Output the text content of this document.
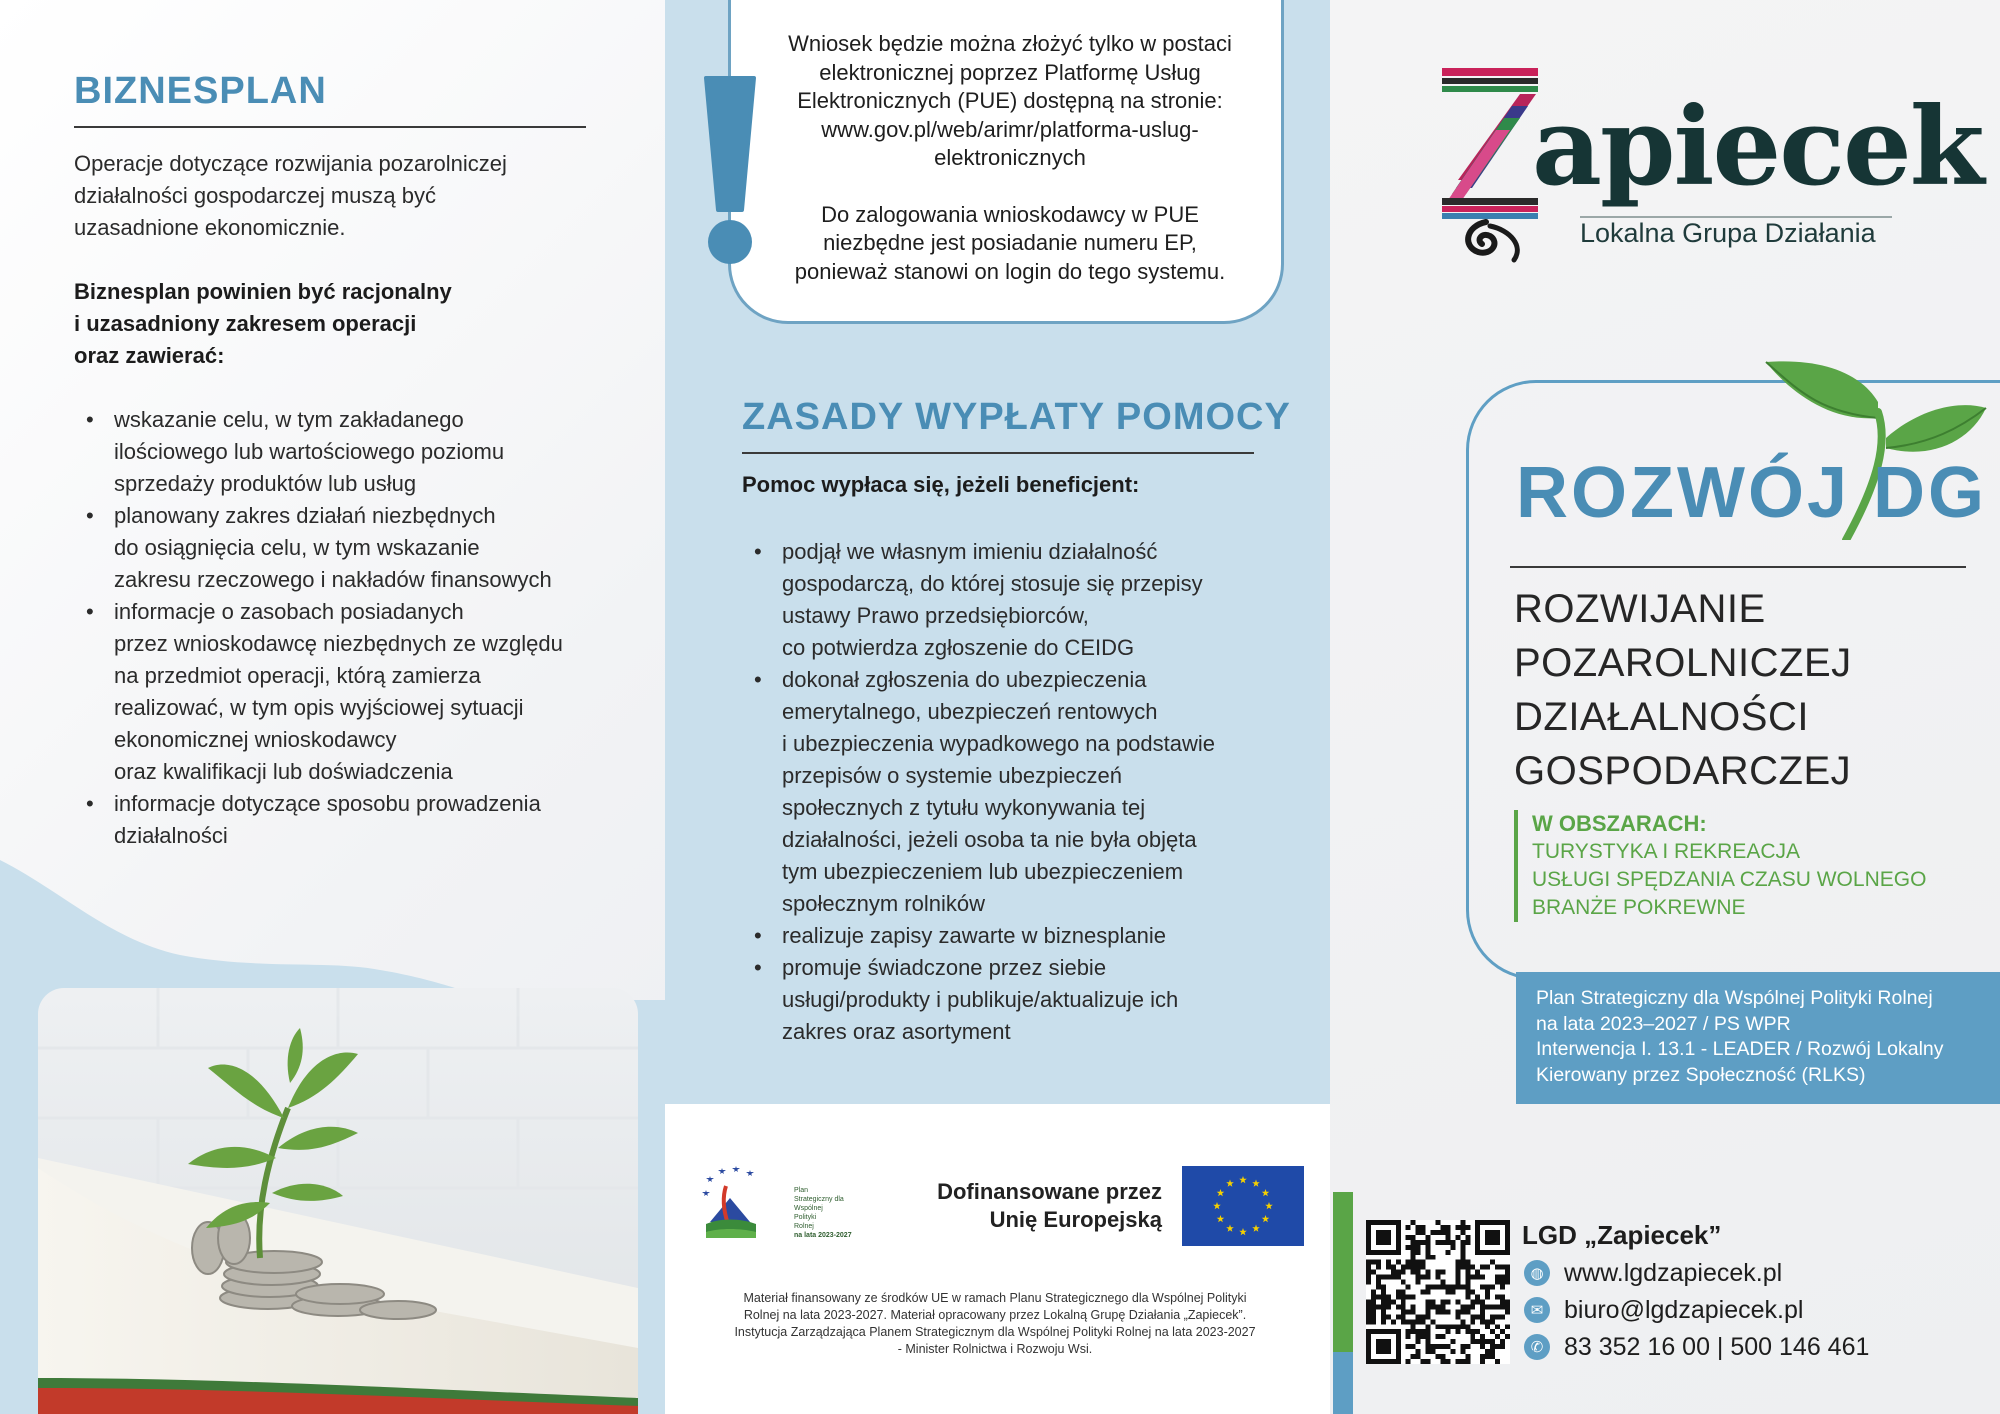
BIZNESPLAN
Operacje dotyczące rozwijania pozarolniczej
działalności gospodarczej muszą być
uzasadnione ekonomicznie.
Biznesplan powinien być racjonalny
i uzasadniony zakresem operacji
oraz zawierać:
• wskazanie celu, w tym zakładanego
ilościowego lub wartościowego poziomu
sprzedaży produktów lub usług
• planowany zakres działań niezbędnych
do osiągnięcia celu, w tym wskazanie
zakresu rzeczowego i nakładów finansowych
• informacje o zasobach posiadanych
przez wnioskodawcę niezbędnych ze względu
na przedmiot operacji, którą zamierza
realizować, w tym opis wyjściowej sytuacji
ekonomicznej wnioskodawcy
oraz kwalifikacji lub doświadczenia
• informacje dotyczące sposobu prowadzenia
działalności
Wniosek będzie można złożyć tylko w postaci
elektronicznej poprzez Platformę Usług
Elektronicznych (PUE) dostępną na stronie:
www.gov.pl/web/arimr/platforma-uslug-
elektronicznych
Do zalogowania wnioskodawcy w PUE
niezbędne jest posiadanie numeru EP,
ponieważ stanowi on login do tego systemu.
ZASADY WYPŁATY POMOCY
Pomoc wypłaca się, jeżeli beneficjent:
• podjął we własnym imieniu działalność
gospodarczą, do której stosuje się przepisy
ustawy Prawo przedsiębiorców,
co potwierdza zgłoszenie do CEIDG
• dokonał zgłoszenia do ubezpieczenia
emerytalnego, ubezpieczeń rentowych
i ubezpieczenia wypadkowego na podstawie
przepisów o systemie ubezpieczeń
społecznych z tytułu wykonywania tej
działalności, jeżeli osoba ta nie była objęta
tym ubezpieczeniem lub ubezpieczeniem
społecznym rolników
• realizuje zapisy zawarte w biznesplanie
• promuje świadczone przez siebie
usługi/produkty i publikuje/aktualizuje ich
zakres oraz asortyment
Plan
Strategiczny dla
Wspólnej
Polityki
Rolnej
na lata 2023-2027
Dofinansowane przez
Unię Europejską
Materiał finansowany ze środków UE w ramach Planu Strategicznego dla Wspólnej Polityki
Rolnej na lata 2023-2027. Materiał opracowany przez Lokalną Grupę Działania „Zapiecek”.
Instytucja Zarządzająca Planem Strategicznym dla Wspólnej Polityki Rolnej na lata 2023-2027
- Minister Rolnictwa i Rozwoju Wsi.
apiecek
Lokalna Grupa Działania
ROZWÓJ DG
ROZWIJANIE
POZAROLNICZEJ
DZIAŁALNOŚCI
GOSPODARCZEJ
W OBSZARACH:
TURYSTYKA I REKREACJA
USŁUGI SPĘDZANIA CZASU WOLNEGO
BRANŻE POKREWNE
Plan Strategiczny dla Wspólnej Polityki Rolnej
na lata 2023–2027 / PS WPR
Interwencja I. 13.1 - LEADER / Rozwój Lokalny
Kierowany przez Społeczność (RLKS)
LGD „Zapiecek”
◍ www.lgdzapiecek.pl
✉ biuro@lgdzapiecek.pl
✆ 83 352 16 00 | 500 146 461
